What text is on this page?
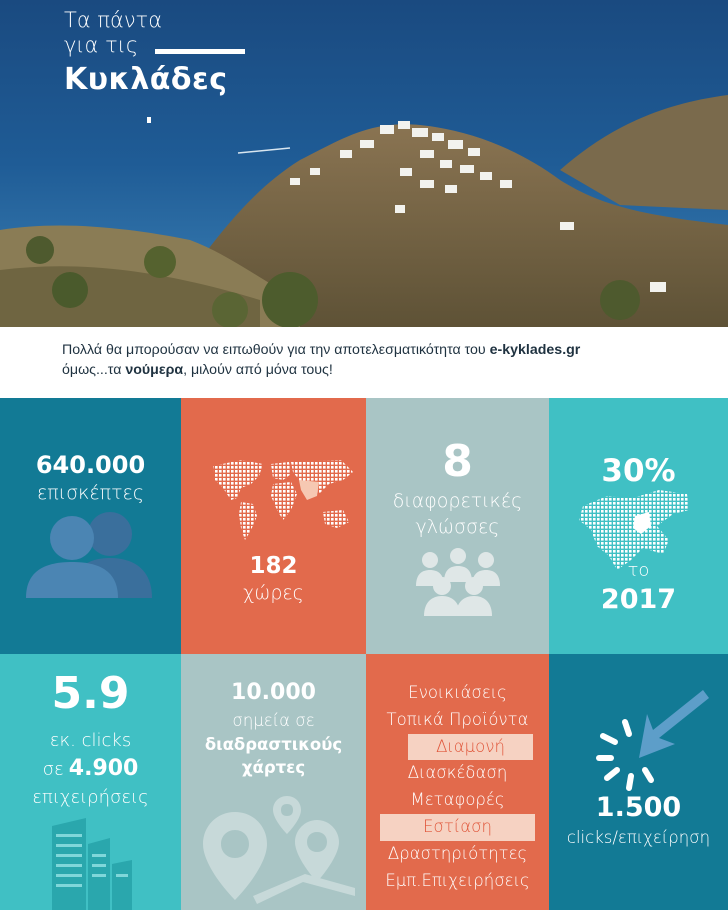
Τα πάντα
για τις
Κυκλάδες
Πολλά θα μπορούσαν να ειπωθούν για την αποτελεσματικότητα του e-kyklades.gr
όμως...τα νούμερα, μιλούν από μόνα τους!
640.000
επισκέπτες
182
χώρες
8
διαφορετικές
γλώσσες
30%
το
2017
5.9
εκ. clicks
σε 4.900
επιχειρήσεις
10.000
σημεία σε
διαδραστικούς
χάρτες
Ενοικιάσεις
Τοπικά Προϊόντα
Διαμονή
Διασκέδαση
Μεταφορές
Εστίαση
Δραστηριότητες
Εμπ.Επιχειρήσεις
1.500
clicks/επιχείρηση
